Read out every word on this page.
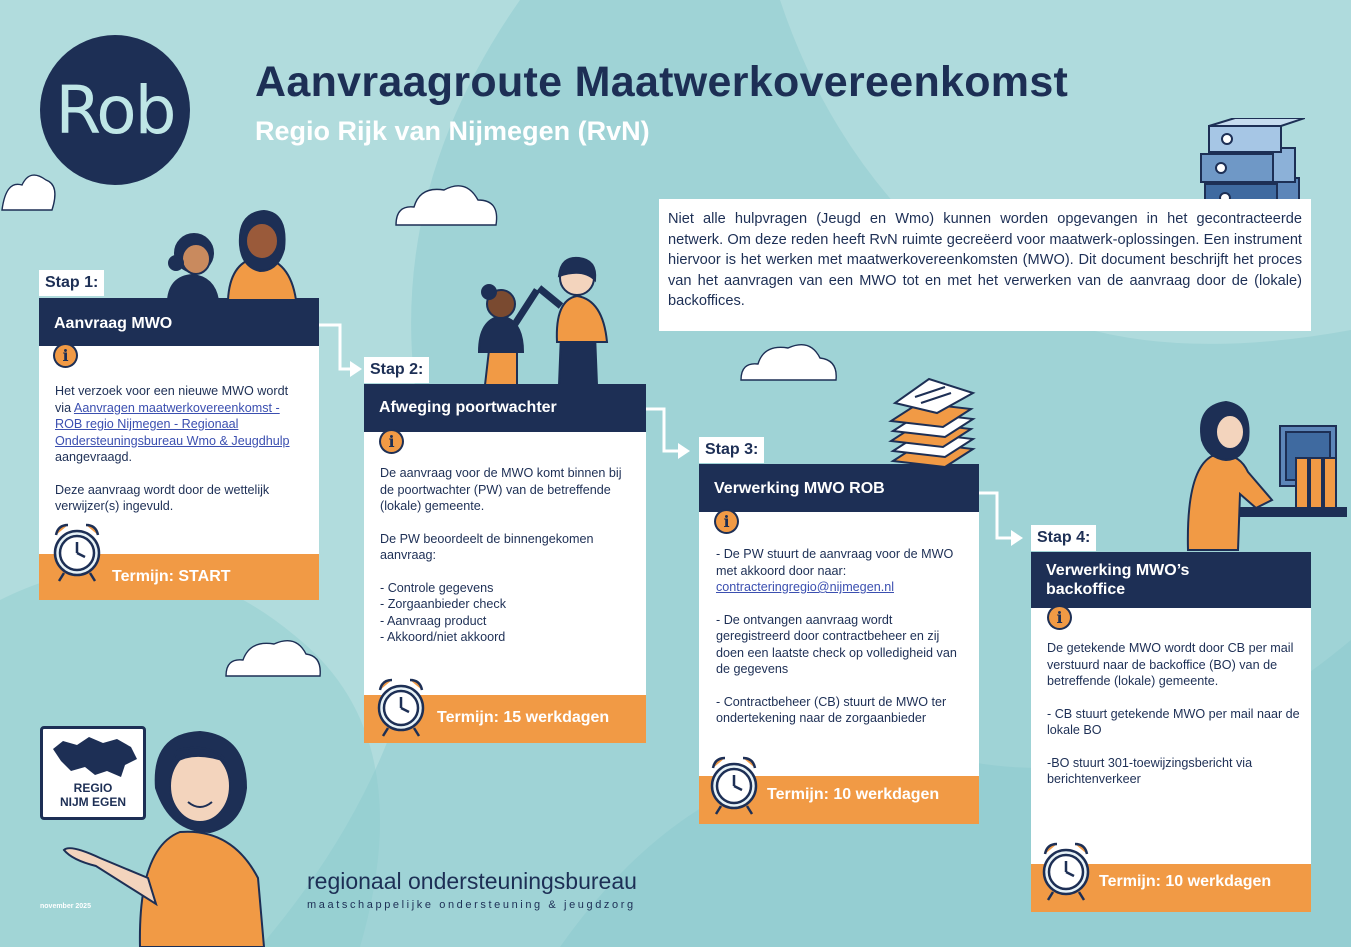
Rob Aanvraagroute Maatwerkovereenkomst
Regio Rijk van Nijmegen (RvN)
Niet alle hulpvragen (Jeugd en Wmo) kunnen worden opgevangen in het gecontracteerde netwerk. Om deze reden heeft RvN ruimte gecreëerd voor maatwerk-oplossingen. Een instrument hiervoor is het werken met maatwerkovereenkomsten (MWO). Dit document beschrijft het proces van het aanvragen van een MWO tot en met het verwerken van de aanvraag door de (lokale) backoffices.
Stap 1:
Aanvraag MWO
i

Het verzoek voor een nieuwe MWO wordt via Aanvragen maatwerkovereenkomst - ROB regio Nijmegen - Regionaal Ondersteuningsbureau Wmo & Jeugdhulp aangevraagd.

Deze aanvraag wordt door de wettelijk verwijzer(s) ingevuld.

Termijn: START
Stap 2:
Afweging poortwachter
i

De aanvraag voor de MWO komt binnen bij de poortwachter (PW) van de betreffende (lokale) gemeente.

De PW beoordeelt de binnengekomen aanvraag:

- Controle gegevens
- Zorgaanbieder check
- Aanvraag product
- Akkoord/niet akkoord
Termijn: 15 werkdagen
Stap 3:
Verwerking MWO ROB
i

- De PW stuurt de aanvraag voor de MWO met akkoord door naar:
contracteringregio@nijmegen.nl

- De ontvangen aanvraag wordt geregistreerd door contractbeheer en zij doen een laatste check op volledigheid van de gegevens

- Contractbeheer (CB) stuurt de MWO ter ondertekening naar de zorgaanbieder

Termijn: 10 werkdagen
Stap 4:
Verwerking MWO’s backoffice
i

De getekende MWO wordt door CB per mail verstuurd naar de backoffice (BO) van de betreffende (lokale) gemeente.

- CB stuurt getekende MWO per mail naar de lokale BO

-BO stuurt 301-toewijzingsbericht via berichtenverkeer

Termijn: 10 werkdagen
REGIO
NIJM EGEN
regionaal ondersteuningsbureau
maatschappelijke ondersteuning & jeugdzorg
november 2025
